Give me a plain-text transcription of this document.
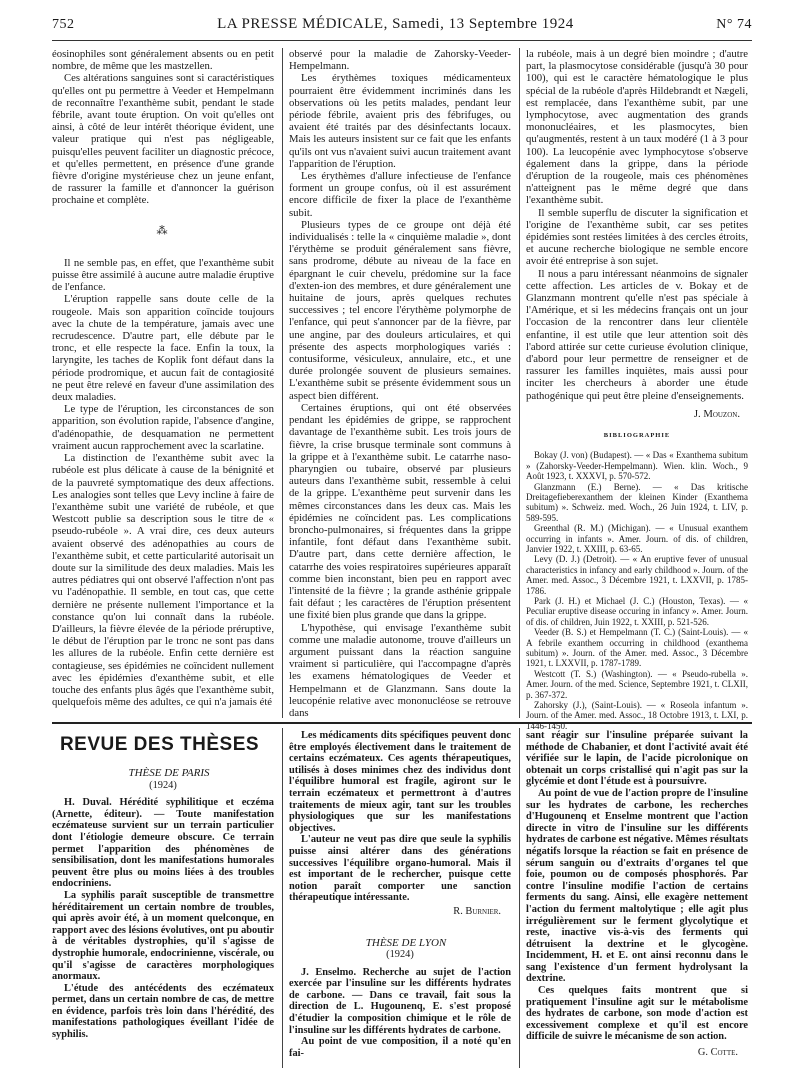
752	LA PRESSE MÉDICALE, Samedi, 13 Septembre 1924	N° 74

éosinophiles sont généralement absents ou en petit nombre, de même que les mastzellen.

Ces altérations sanguines sont si caractéristiques qu'elles ont pu permettre à Veeder et Hempelmann de reconnaître l'exanthème subit, pendant le stade fébrile, avant toute éruption. On voit qu'elles ont ainsi, à côté de leur intérêt théorique évident, une valeur pratique qui n'est pas négligeable, puisqu'elles peuvent faciliter un diagnostic précoce, et qu'elles permettent, en présence d'une grande fièvre d'origine mystérieuse chez un jeune enfant, de rassurer la famille et d'annoncer la guérison prochaine et complète.

⁂

Il ne semble pas, en effet, que l'exanthème subit puisse être assimilé à aucune autre maladie éruptive de l'enfance.

L'éruption rappelle sans doute celle de la rougeole. Mais son apparition coïncide toujours avec la chute de la température, jamais avec une recrudescence. D'autre part, elle débute par le tronc, et elle respecte la face. Enfin la toux, la laryngite, les taches de Koplik font défaut dans la période prodromique, et aucun fait de contagiosité ne peut être relevé en faveur d'une assimilation des deux maladies.

Le type de l'éruption, les circonstances de son apparition, son évolution rapide, l'absence d'angine, d'adénopathie, de desquamation ne permettent vraiment aucun rapprochement avec la scarlatine.

La distinction de l'exanthème subit avec la rubéole est plus délicate à cause de la bénignité et de la pauvreté symptomatique des deux affections. Les analogies sont telles que Levy incline à faire de l'exanthème subit une variété de rubéole, et que Westcott publie sa description sous le titre de « pseudo-rubéole ». A vrai dire, ces deux auteurs avaient observé des adénopathies au cours de l'exanthème subit, et cette particularité autorisait un doute sur la similitude des deux maladies. Mais les autres pédiatres qui ont observé l'affection n'ont pas vu l'adénopathie. Il semble, en tout cas, que cette dernière ne présente nullement l'importance et la constance qu'on lui connaît dans la rubéole. D'ailleurs, la fièvre élevée de la période préruptive, le début de l'éruption par le tronc ne sont pas dans les allures de la rubéole. Enfin cette dernière est contagieuse, ses épidémies ne coïncident nullement avec les épidémies d'exanthème subit, et elle touche des enfants plus âgés que l'exanthème subit, quelquefois même des adultes, ce qui n'a jamais été

observé pour la maladie de Zahorsky-Veeder-Hempelmann.

Les érythèmes toxiques médicamenteux pourraient être évidemment incriminés dans les observations où les petits malades, pendant leur période fébrile, avaient pris des fébrifuges, ou avaient été traités par des désinfectants locaux. Mais les auteurs insistent sur ce fait que les enfants qu'ils ont vus n'avaient suivi aucun traitement avant l'apparition de l'éruption.

Les érythèmes d'allure infectieuse de l'enfance forment un groupe confus, où il est assurément encore difficile de fixer la place de l'exanthème subit.

Plusieurs types de ce groupe ont déjà été individualisés : telle la « cinquième maladie », dont l'érythème se produit généralement sans fièvre, sans prodrome, débute au niveau de la face en épargnant le cuir chevelu, prédomine sur la face d'exten-ion des membres, et dure généralement une huitaine de jours, après quelques rechutes successives ; tel encore l'érythème polymorphe de l'enfance, qui peut s'annoncer par de la fièvre, par une angine, par des douleurs articulaires, et qui présente des aspects morphologiques variés : contusiforme, vésiculeux, annulaire, etc., et une durée prolongée souvent de plusieurs semaines. L'exanthème subit se présente évidemment sous un aspect bien différent.

Certaines éruptions, qui ont été observées pendant les épidémies de grippe, se rapprochent davantage de l'exanthème subit. Les trois jours de fièvre, la crise brusque terminale sont communs à la grippe et à l'exanthème subit. Le catarrhe naso-pharyngien ou tubaire, observé par plusieurs auteurs dans l'exanthème subit, ressemble à celui de la grippe. L'exanthème peut survenir dans les mêmes circonstances dans les deux cas. Mais les épidémies ne coïncident pas. Les complications broncho-pulmonaires, si fréquentes dans la grippe infantile, font défaut dans l'exanthème subit. D'autre part, dans cette dernière affection, le catarrhe des voies respiratoires supérieures apparaît comme bien inconstant, bien peu en rapport avec l'intensité de la fièvre ; la grande asthénie grippale fait défaut ; les caractères de l'éruption présentent une fixité bien plus grande que dans la grippe.

L'hypothèse, qui envisage l'exanthème subit comme une maladie autonome, trouve d'ailleurs un argument puissant dans la réaction sanguine vraiment si particulière, qui l'accompagne d'après les examens hématologiques de Veeder et Hempelmann et de Glanzmann. Sans doute la leucopénie relative avec mononucléose se retrouve dans

la rubéole, mais à un degré bien moindre ; d'autre part, la plasmocytose considérable (jusqu'à 30 pour 100), qui est le caractère hématologique le plus spécial de la rubéole d'après Hildebrandt et Nægeli, est remplacée, dans l'exanthème subit, par une lymphocytose, avec augmentation des grands mononucléaires, et les plasmocytes, bien qu'augmentés, restent à un taux modéré (1 à 3 pour 100). La leucopénie avec lymphocytose s'observe également dans la grippe, dans la période d'éruption de la rougeole, mais ces phénomènes n'atteignent pas le même degré que dans l'exanthème subit.

Il semble superflu de discuter la signification et l'origine de l'exanthème subit, car ses petites épidémies sont restées limitées à des cercles étroits, et aucune recherche biologique ne semble encore avoir été entreprise à son sujet.

Il nous a paru intéressant néanmoins de signaler cette affection. Les articles de v. Bokay et de Glanzmann montrent qu'elle n'est pas spéciale à l'Amérique, et si les médecins français ont un jour l'occasion de la rencontrer dans leur clientèle enfantine, il est utile que leur attention soit dès l'abord attirée sur cette curieuse évolution clinique, d'abord pour leur permettre de renseigner et de rassurer les familles inquiètes, mais aussi pour inciter les chercheurs à aborder une étude pathogénique qui peut être pleine d'enseignements.

J. Mouzon.

BIBLIOGRAPHIE

Bokay (J. von) (Budapest). — « Das « Exanthema subitum » (Zahorsky-Veeder-Hempelmann). Wien. klin. Woch., 9 Août 1923, t. XXXVI, p. 570-572.

Glanzmann (E.) Berne). — « Das kritische Dreitagefieberexanthem der kleinen Kinder (Exanthema subitum) ». Schweiz. med. Woch., 26 Juin 1924, t. LIV, p. 589-595.

Greenthal (R. M.) (Michigan). — « Unusual exanthem occurring in infants ». Amer. Journ. of dis. of children, Janvier 1922, t. XXIII, p. 63-65.

Levy (D. J.) (Detroit). — « An eruptive fever of unusual characteristics in infancy and early childhood ». Journ. of the Amer. med. Assoc., 3 Décembre 1921, t. LXXVII, p. 1785-1786.

Park (J. H.) et Michael (J. C.) (Houston, Texas). — « Peculiar eruptive disease occuring in infancy ». Amer. Journ. of dis. of children, Juin 1922, t. XXIII, p. 521-526.

Veeder (B. S.) et Hempelmann (T. C.) (Saint-Louis). — « A febrile exanthem occurring in childhood (exanthema subitum) ». Journ. of the Amer. med. Assoc., 3 Décembre 1921, t. LXXVII, p. 1787-1789.

Westcott (T. S.) (Washington). — « Pseudo-rubella ». Amer. Journ. of the med. Science, Septembre 1921, t. CLXII, p. 367-372.

Zahorsky (J.), (Saint-Louis). — « Roseola infantum ». Journ. of the Amer. med. Assoc., 18 Octobre 1913, t. LXI, p. 1446-1450.

REVUE DES THÈSES

THÈSE DE PARIS

(1924)

H. Duval. Hérédité syphilitique et eczéma (Arnette, éditeur). — Toute manifestation eczémateuse survient sur un terrain particulier dont l'étiologie demeure obscure. Ce terrain permet l'apparition des phénomènes de sensibilisation, dont les manifestations humorales peuvent être plus ou moins liées à des troubles endocriniens.

La syphilis paraît susceptible de transmettre héréditairement un certain nombre de troubles, qui après avoir été, à un moment quelconque, en rapport avec des lésions évolutives, ont pu aboutir à de véritables dystrophies, qu'il s'agisse de dystrophie humorale, endocrinienne, viscérale, ou qu'il s'agisse de caractères morphologiques anormaux.

L'étude des antécédents des eczémateux permet, dans un certain nombre de cas, de mettre en évidence, parfois très loin dans l'hérédité, des manifestations pathologiques éveillant l'idée de syphilis.

Les médicaments dits spécifiques peuvent donc être employés électivement dans le traitement de certains eczémateux. Ces agents thérapeutiques, utilisés à doses minimes chez des individus dont l'équilibre humoral est fragile, agiront sur le terrain eczémateux et permettront à d'autres traitements de mieux agir, tant sur les troubles physiologiques que sur les manifestations objectives.

L'auteur ne veut pas dire que seule la syphilis puisse ainsi altérer dans des générations successives l'équilibre organo-humoral. Mais il est important de le rechercher, puisque cette notion paraît comporter une sanction thérapeutique intéressante.

R. Burnier.

THÈSE DE LYON

(1924)

J. Enselmo. Recherche au sujet de l'action exercée par l'insuline sur les différents hydrates de carbone. — Dans ce travail, fait sous la direction de L. Hugounenq, E. s'est proposé d'étudier la composition chimique et le rôle de l'insuline sur les différents hydrates de carbone.

Au point de vue composition, il a noté qu'en fai-

sant réagir sur l'insuline préparée suivant la méthode de Chabanier, et dont l'activité avait été vérifiée sur le lapin, de l'acide picrolonique on obtenait un corps cristallisé qui n'agit pas sur la glycémie et dont l'étude est à poursuivre.

Au point de vue de l'action propre de l'insuline sur les hydrates de carbone, les recherches d'Hugounenq et Enselme montrent que l'action directe in vitro de l'insuline sur les différents hydrates de carbone est négative. Mêmes résultats négatifs lorsque la réaction se fait en présence de sérum sanguin ou d'extraits d'organes tel que foie, poumon ou de composés phosphorés. Par contre l'insuline modifie l'action de certains ferments du sang. Ainsi, elle exagère nettement l'action du ferment maltolytique ; elle agit plus irrégulièrement sur le ferment glycolytique et reste, inactive vis-à-vis des ferments qui détruisent la dextrine et le glycogène. Incidemment, H. et E. ont ainsi reconnu dans le sang l'existence d'un ferment hydrolysant la dextrine.

Ces quelques faits montrent que si pratiquement l'insuline agit sur le métabolisme des hydrates de carbone, son mode d'action est excessivement complexe et qu'il est encore difficile de suivre le mécanisme de son action.

G. Cotte.
